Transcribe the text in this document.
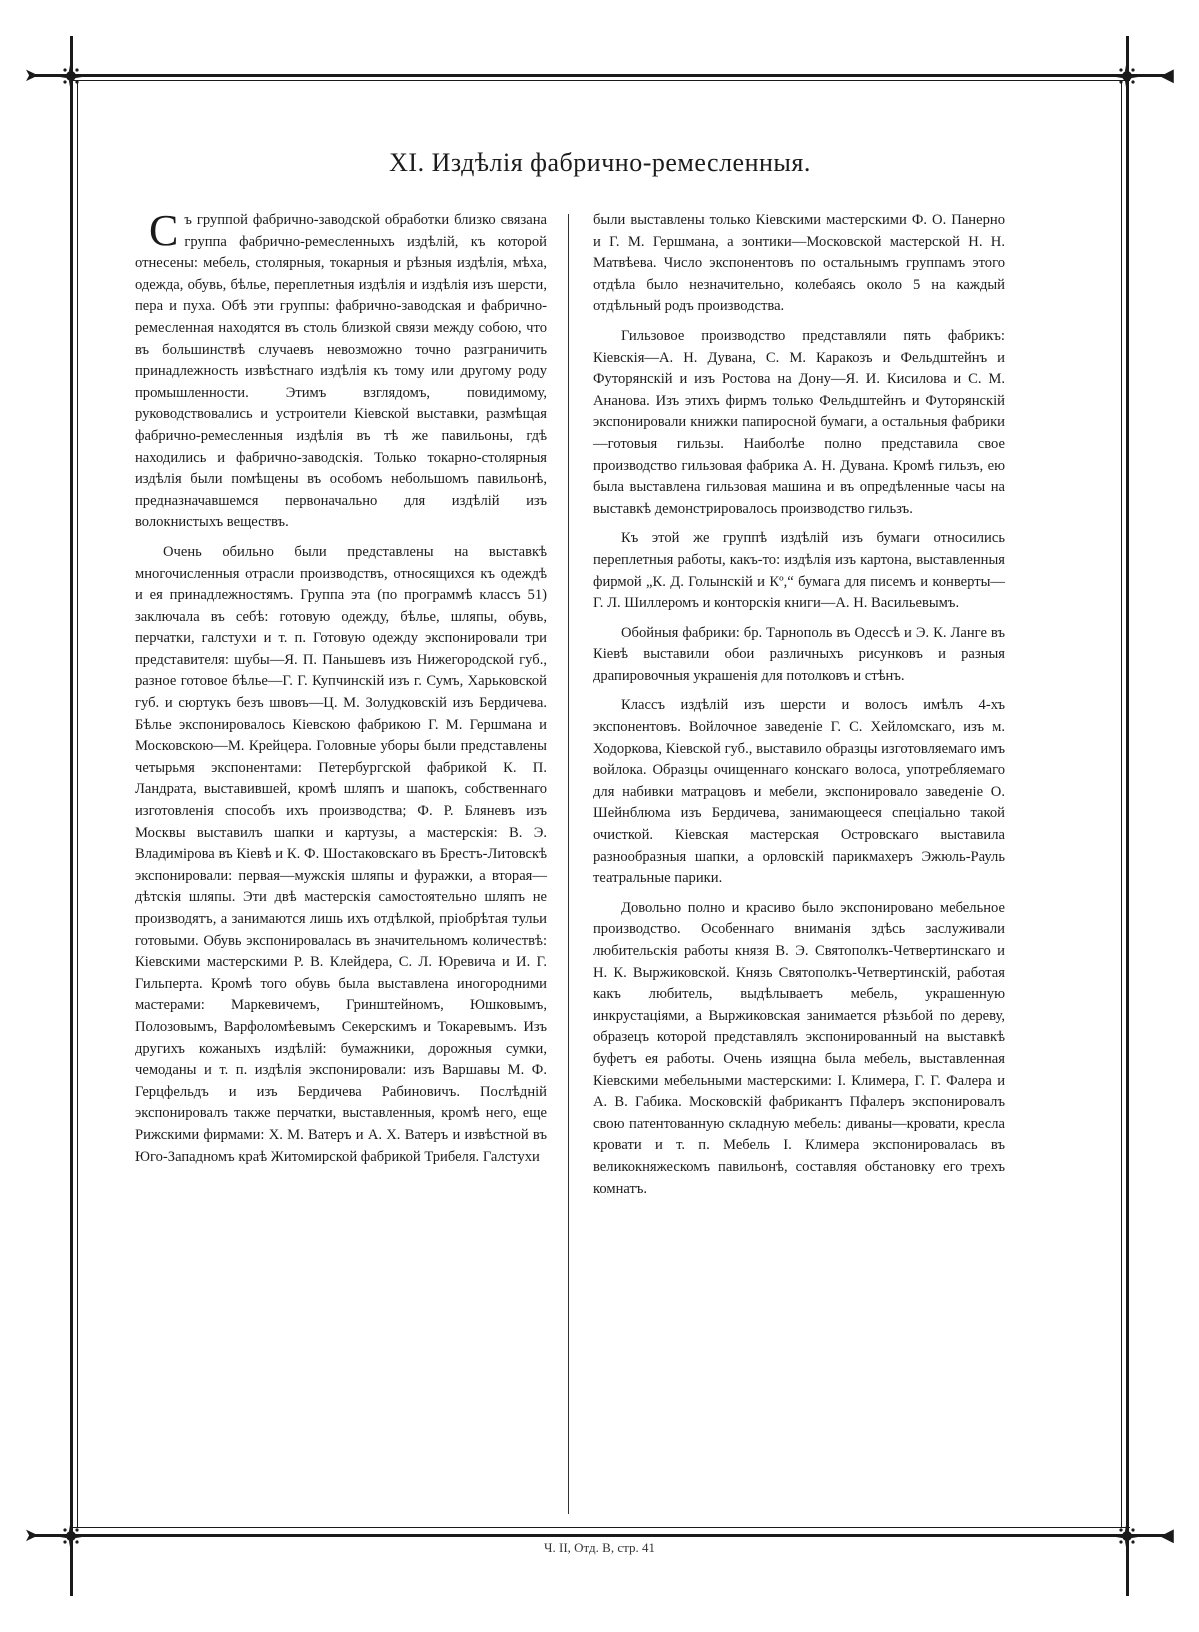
➤	◀
➤	◀
XI. Издѣлія фабрично-ремесленныя.

Съ группой фабрично-заводской обработки близко связана группа фабрично-ремесленныхъ издѣлій, къ которой отнесены: мебель, столярныя, токарныя и рѣзныя издѣлія, мѣха, одежда, обувь, бѣлье, переплетныя издѣлія и издѣлія изъ шерсти, пера и пуха. Обѣ эти группы: фабрично-заводская и фабрично-ремесленная находятся въ столь близкой связи между собою, что въ большинствѣ случаевъ невозможно точно разграничить принадлежность извѣстнаго издѣлія къ тому или другому роду промышленности. Этимъ взглядомъ, повидимому, руководствовались и устроители Кіевской выставки, размѣщая фабрично-ремесленныя издѣлія въ тѣ же павильоны, гдѣ находились и фабрично-заводскія. Только токарно-столярныя издѣлія были помѣщены въ особомъ небольшомъ павильонѣ, предназначавшемся первоначально для издѣлій изъ волокнистыхъ веществъ.

Очень обильно были представлены на выставкѣ многочисленныя отрасли производствъ, относящихся къ одеждѣ и ея принадлежностямъ. Группа эта (по программѣ классъ 51) заключала въ себѣ: готовую одежду, бѣлье, шляпы, обувь, перчатки, галстухи и т. п. Готовую одежду экспонировали три представителя: шубы—Я. П. Паньшевъ изъ Нижегородской губ., разное готовое бѣлье—Г. Г. Купчинскій изъ г. Сумъ, Харьковской губ. и сюртукъ безъ швовъ—Ц. М. Золудковскій изъ Бердичева. Бѣлье экспонировалось Кіевскою фабрикою Г. М. Гершмана и Московскою—М. Крейцера. Головные уборы были представлены четырьмя экспонентами: Петербургской фабрикой К. П. Ландрата, выставившей, кромѣ шляпъ и шапокъ, собственнаго изготовленія способъ ихъ производства; Ф. Р. Бляневъ изъ Москвы выставилъ шапки и картузы, а мастерскія: В. Э. Владимірова въ Кіевѣ и К. Ф. Шостаковскаго въ Брестъ-Литовскѣ экспонировали: первая—мужскія шляпы и фуражки, а вторая—дѣтскія шляпы. Эти двѣ мастерскія самостоятельно шляпъ не производятъ, а занимаются лишь ихъ отдѣлкой, пріобрѣтая тульи готовыми. Обувь экспонировалась въ значительномъ количествѣ: Кіевскими мастерскими Р. В. Клейдера, С. Л. Юревича и И. Г. Гильперта. Кромѣ того обувь была выставлена иногородними мастерами: Маркевичемъ, Гринштейномъ, Юшковымъ, Полозовымъ, Варфоломѣевымъ Секерскимъ и Токаревымъ. Изъ другихъ кожаныхъ издѣлій: бумажники, дорожныя сумки, чемоданы и т. п. издѣлія экспонировали: изъ Варшавы М. Ф. Герцфельдъ и изъ Бердичева Рабиновичъ. Послѣдній экспонировалъ также перчатки, выставленныя, кромѣ него, еще Рижскими фирмами: Х. М. Ватеръ и А. Х. Ватеръ и извѣстной въ Юго-Западномъ краѣ Житомирской фабрикой Трибеля. Галстухи

были выставлены только Кіевскими мастерскими Ф. О. Панерно и Г. М. Гершмана, а зонтики—Московской мастерской Н. Н. Матвѣева. Число экспонентовъ по остальнымъ группамъ этого отдѣла было незначительно, колебаясь около 5 на каждый отдѣльный родъ производства.

Гильзовое производство представляли пять фабрикъ: Кіевскія—А. Н. Дувана, С. М. Каракозъ и Фельдштейнъ и Футорянскій и изъ Ростова на Дону—Я. И. Кисилова и С. М. Ананова. Изъ этихъ фирмъ только Фельдштейнъ и Футорянскій экспонировали книжки папиросной бумаги, а остальныя фабрики—готовыя гильзы. Наиболѣе полно представила свое производство гильзовая фабрика А. Н. Дувана. Кромѣ гильзъ, ею была выставлена гильзовая машина и въ опредѣленные часы на выставкѣ демонстрировалось производство гильзъ.

Къ этой же группѣ издѣлій изъ бумаги относились переплетныя работы, какъ-то: издѣлія изъ картона, выставленныя фирмой „К. Д. Голынскій и Кº,“ бумага для писемъ и конверты—Г. Л. Шиллеромъ и конторскія книги—А. Н. Васильевымъ.

Обойныя фабрики: бр. Тарнополь въ Одессѣ и Э. К. Ланге въ Кіевѣ выставили обои различныхъ рисунковъ и разныя драпировочныя украшенія для потолковъ и стѣнъ.

Классъ издѣлій изъ шерсти и волосъ имѣлъ 4-хъ экспонентовъ. Войлочное заведеніе Г. С. Хейломскаго, изъ м. Ходоркова, Кіевской губ., выставило образцы изготовляемаго имъ войлока. Образцы очищеннаго конскаго волоса, употребляемаго для набивки матрацовъ и мебели, экспонировало заведеніе О. Шейнблюма изъ Бердичева, занимающееся спеціально такой очисткой. Кіевская мастерская Островскаго выставила разнообразныя шапки, а орловскій парикмахеръ Эжюль-Рауль театральные парики.

Довольно полно и красиво было экспонировано мебельное производство. Особеннаго вниманія здѣсь заслуживали любительскія работы князя В. Э. Святополкъ-Четвертинскаго и Н. К. Выржиковской. Князь Святополкъ-Четвертинскій, работая какъ любитель, выдѣлываетъ мебель, украшенную инкрустаціями, а Выржиковская занимается рѣзьбой по дереву, образецъ которой представлялъ экспонированный на выставкѣ буфетъ ея работы. Очень изящна была мебель, выставленная Кіевскими мебельными мастерскими: І. Климера, Г. Г. Фалера и А. В. Габика. Московскій фабрикантъ Пфалеръ экспонировалъ свою патентованную складную мебель: диваны—кровати, кресла кровати и т. п. Мебель І. Климера экспонировалась въ великокняжескомъ павильонѣ, составляя обстановку его трехъ комнатъ.

Ч. II, Отд. В, стр. 41
